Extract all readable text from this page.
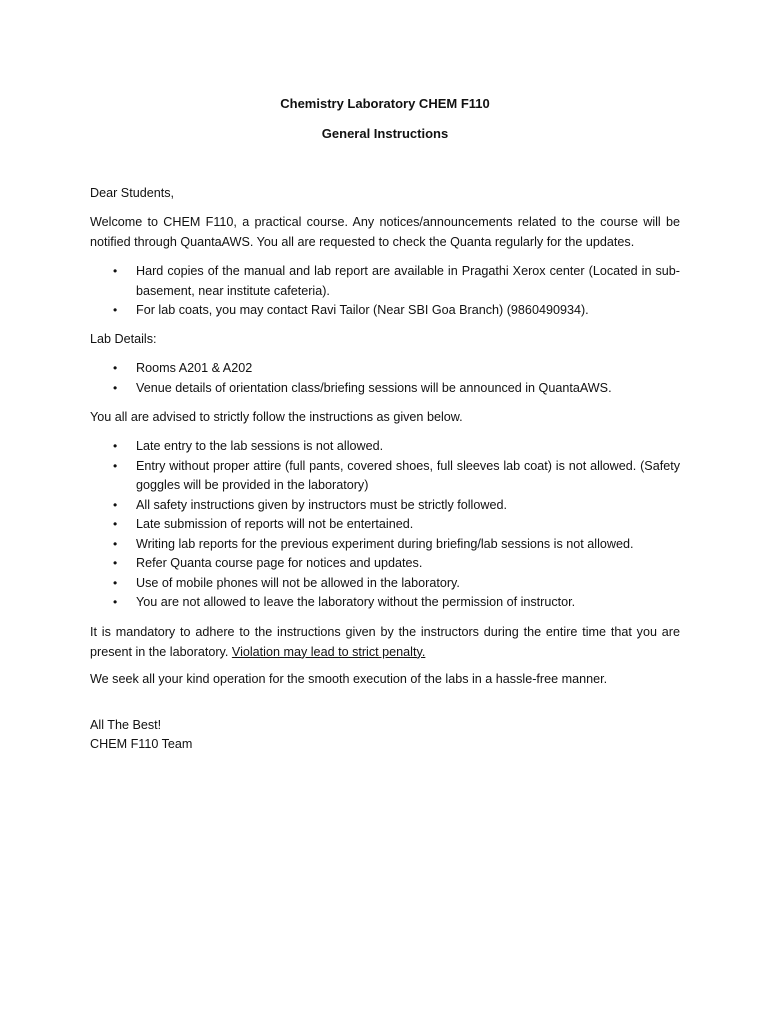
Chemistry Laboratory CHEM F110
General Instructions

Dear Students,

Welcome to CHEM F110, a practical course. Any notices/announcements related to the course will be notified through QuantaAWS. You all are requested to check the Quanta regularly for the updates.

• Hard copies of the manual and lab report are available in Pragathi Xerox center (Located in sub-basement, near institute cafeteria).
• For lab coats, you may contact Ravi Tailor (Near SBI Goa Branch) (9860490934).

Lab Details:

• Rooms A201 & A202
• Venue details of orientation class/briefing sessions will be announced in QuantaAWS.

You all are advised to strictly follow the instructions as given below.

• Late entry to the lab sessions is not allowed.
• Entry without proper attire (full pants, covered shoes, full sleeves lab coat) is not allowed. (Safety goggles will be provided in the laboratory)
• All safety instructions given by instructors must be strictly followed.
• Late submission of reports will not be entertained.
• Writing lab reports for the previous experiment during briefing/lab sessions is not allowed.
• Refer Quanta course page for notices and updates.
• Use of mobile phones will not be allowed in the laboratory.
• You are not allowed to leave the laboratory without the permission of instructor.

It is mandatory to adhere to the instructions given by the instructors during the entire time that you are present in the laboratory. Violation may lead to strict penalty.

We seek all your kind operation for the smooth execution of the labs in a hassle-free manner.

All The Best!

CHEM F110 Team
